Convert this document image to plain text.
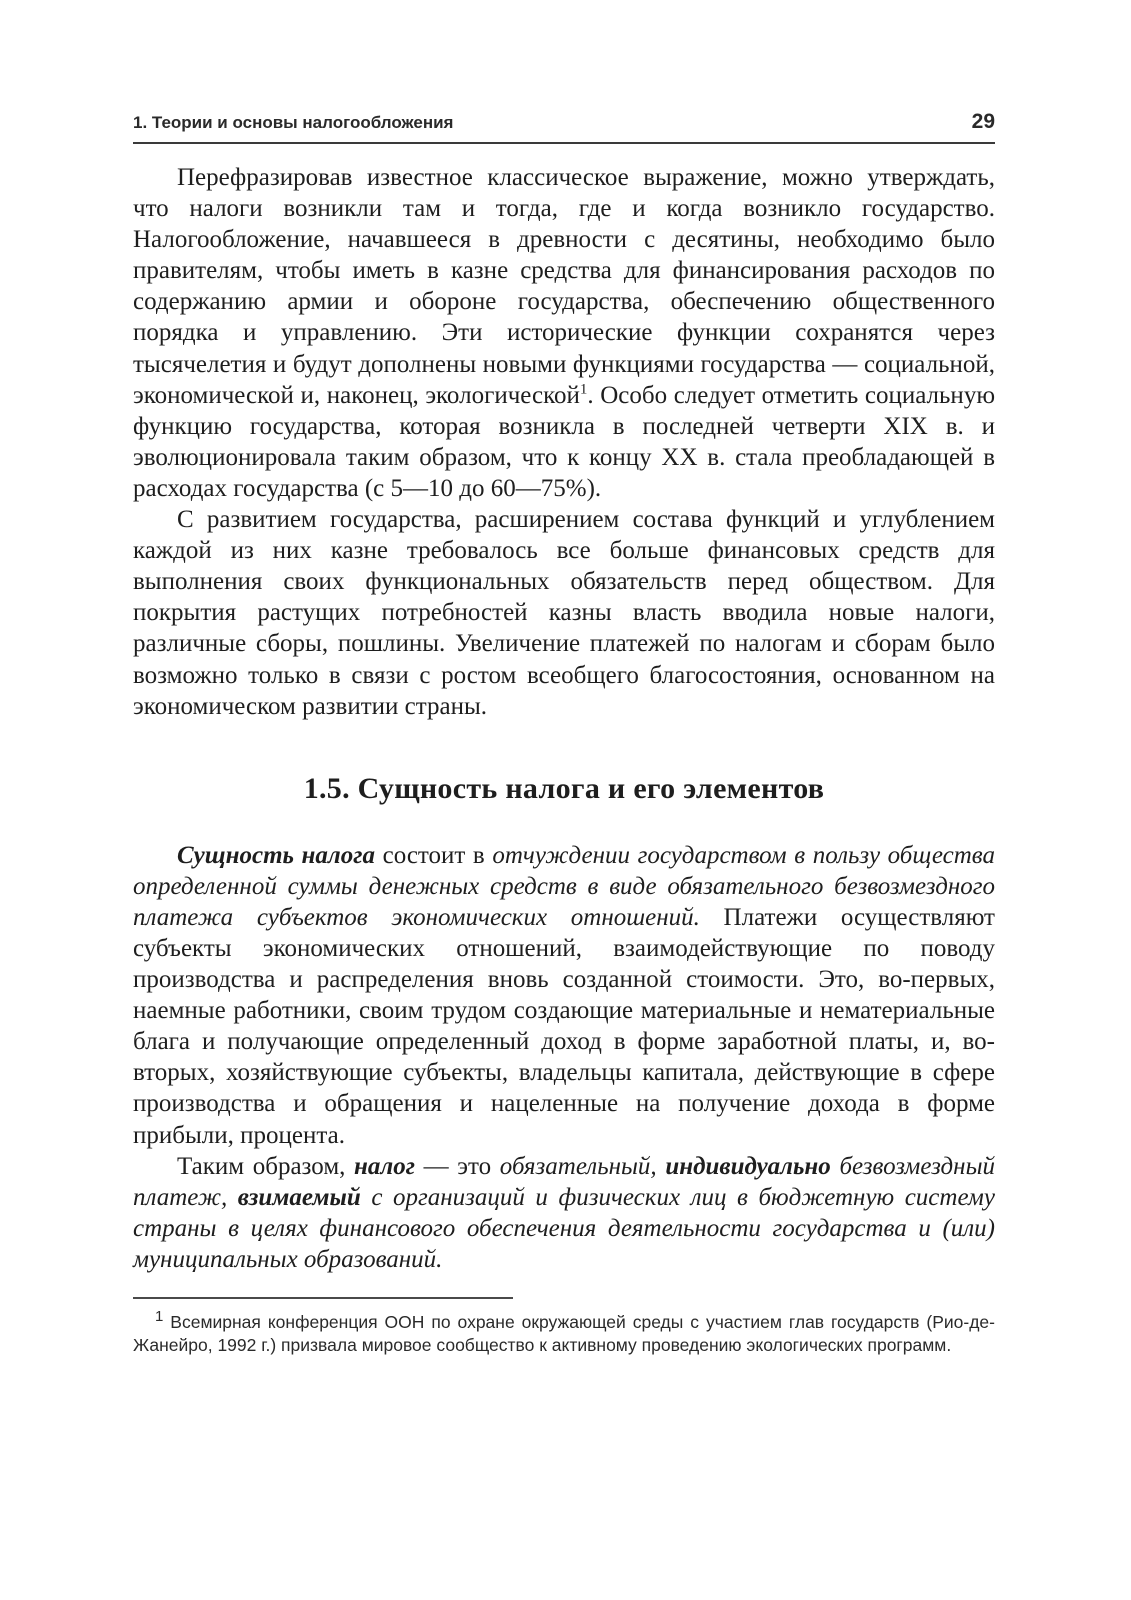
1. Теории и основы налогообложения	29

Перефразировав известное классическое выражение, можно утверждать, что налоги возникли там и тогда, где и когда возникло государство. Налогообложение, начавшееся в древности с десятины, необходимо было правителям, чтобы иметь в казне средства для финансирования расходов по содержанию армии и обороне государства, обеспечению общественного порядка и управлению. Эти исторические функции сохранятся через тысячелетия и будут дополнены новыми функциями государства — социальной, экономической и, наконец, экологической$^1$. Особо следует отметить социальную функцию государства, которая возникла в последней четверти XIX в. и эволюционировала таким образом, что к концу XX в. стала преобладающей в расходах государства (с 5—10 до 60—75%).

С развитием государства, расширением состава функций и углублением каждой из них казне требовалось все больше финансовых средств для выполнения своих функциональных обязательств перед обществом. Для покрытия растущих потребностей казны власть вводила новые налоги, различные сборы, пошлины. Увеличение платежей по налогам и сборам было возможно только в связи с ростом всеобщего благосостояния, основанном на экономическом развитии страны.

1.5. Сущность налога и его элементов

Сущность налога состоит в отчуждении государством в пользу общества определенной суммы денежных средств в виде обязательного безвозмездного платежа субъектов экономических отношений. Платежи осуществляют субъекты экономических отношений, взаимодействующие по поводу производства и распределения вновь созданной стоимости. Это, во-первых, наемные работники, своим трудом создающие материальные и нематериальные блага и получающие определенный доход в форме заработной платы, и, во-вторых, хозяйствующие субъекты, владельцы капитала, действующие в сфере производства и обращения и нацеленные на получение дохода в форме прибыли, процента.

Таким образом, налог — это обязательный, индивидуально безвозмездный платеж, взимаемый с организаций и физических лиц в бюджетную систему страны в целях финансового обеспечения деятельности государства и (или) муниципальных образований.

$^1$ Всемирная конференция ООН по охране окружающей среды с участием глав государств (Рио-де-Жанейро, 1992 г.) призвала мировое сообщество к активному проведению экологических программ.
